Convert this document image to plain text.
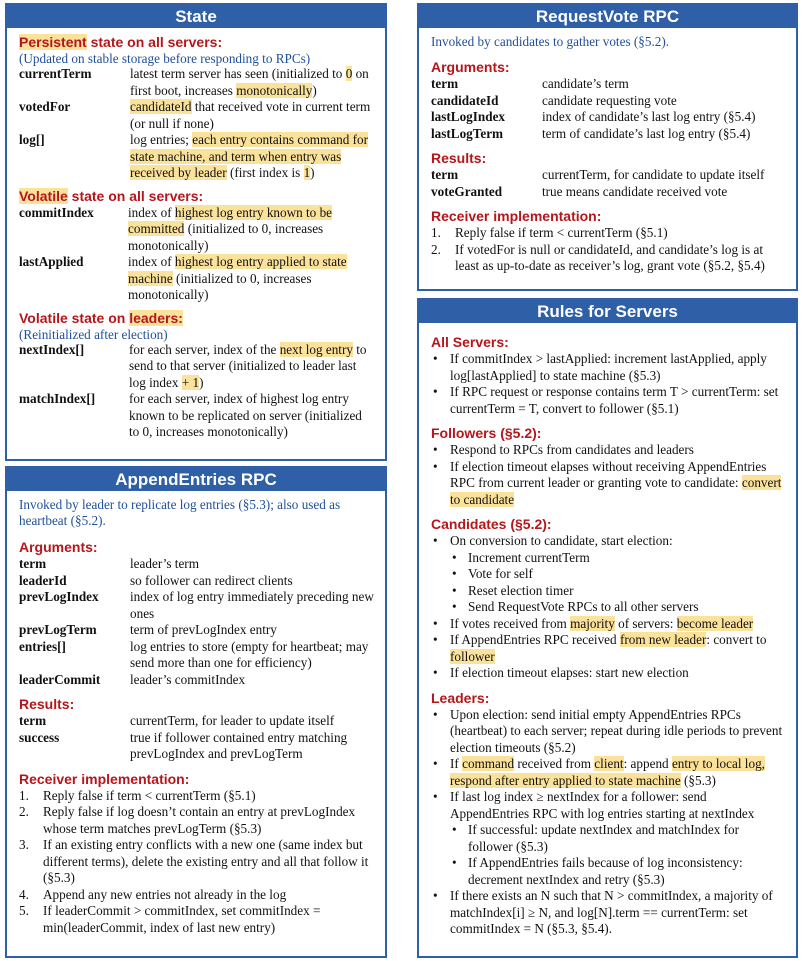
State
Persistent state on all servers:
(Updated on stable storage before responding to RPCs)
currentTerm	latest term server has seen (initialized to 0 on first boot, increases monotonically)
votedFor	candidateId that received vote in current term (or null if none)
log[]	log entries; each entry contains command for state machine, and term when entry was received by leader (first index is 1)
Volatile state on all servers:
commitIndex	index of highest log entry known to be committed (initialized to 0, increases monotonically)
lastApplied	index of highest log entry applied to state machine (initialized to 0, increases monotonically)
Volatile state on leaders:
(Reinitialized after election)
nextIndex[]	for each server, index of the next log entry to send to that server (initialized to leader last log index + 1)
matchIndex[]	for each server, index of highest log entry known to be replicated on server (initialized to 0, increases monotonically)
AppendEntries RPC
Invoked by leader to replicate log entries (§5.3); also used as heartbeat (§5.2).
Arguments:
term	leader’s term
leaderId	so follower can redirect clients
prevLogIndex	index of log entry immediately preceding new ones
prevLogTerm	term of prevLogIndex entry
entries[]	log entries to store (empty for heartbeat; may send more than one for efficiency)
leaderCommit	leader’s commitIndex
Results:
term	currentTerm, for leader to update itself
success	true if follower contained entry matching prevLogIndex and prevLogTerm
Receiver implementation:
1.	Reply false if term < currentTerm (§5.1)
2.	Reply false if log doesn’t contain an entry at prevLogIndex whose term matches prevLogTerm (§5.3)
3.	If an existing entry conflicts with a new one (same index but different terms), delete the existing entry and all that follow it (§5.3)
4.	Append any new entries not already in the log
5.	If leaderCommit > commitIndex, set commitIndex = min(leaderCommit, index of last new entry)
RequestVote RPC
Invoked by candidates to gather votes (§5.2).
Arguments:
term	candidate’s term
candidateId	candidate requesting vote
lastLogIndex	index of candidate’s last log entry (§5.4)
lastLogTerm	term of candidate’s last log entry (§5.4)
Results:
term	currentTerm, for candidate to update itself
voteGranted	true means candidate received vote
Receiver implementation:
1.	Reply false if term < currentTerm (§5.1)
2.	If votedFor is null or candidateId, and candidate’s log is at least as up-to-date as receiver’s log, grant vote (§5.2, §5.4)
Rules for Servers
All Servers:
• If commitIndex > lastApplied: increment lastApplied, apply log[lastApplied] to state machine (§5.3)
• If RPC request or response contains term T > currentTerm: set currentTerm = T, convert to follower (§5.1)
Followers (§5.2):
• Respond to RPCs from candidates and leaders
• If election timeout elapses without receiving AppendEntries RPC from current leader or granting vote to candidate: convert to candidate
Candidates (§5.2):
• On conversion to candidate, start election:
• Increment currentTerm
• Vote for self
• Reset election timer
• Send RequestVote RPCs to all other servers
• If votes received from majority of servers: become leader
• If AppendEntries RPC received from new leader: convert to follower
• If election timeout elapses: start new election
Leaders:
• Upon election: send initial empty AppendEntries RPCs (heartbeat) to each server; repeat during idle periods to prevent election timeouts (§5.2)
• If command received from client: append entry to local log, respond after entry applied to state machine (§5.3)
• If last log index ≥ nextIndex for a follower: send AppendEntries RPC with log entries starting at nextIndex
• If successful: update nextIndex and matchIndex for follower (§5.3)
• If AppendEntries fails because of log inconsistency: decrement nextIndex and retry (§5.3)
• If there exists an N such that N > commitIndex, a majority of matchIndex[i] ≥ N, and log[N].term == currentTerm: set commitIndex = N (§5.3, §5.4).
